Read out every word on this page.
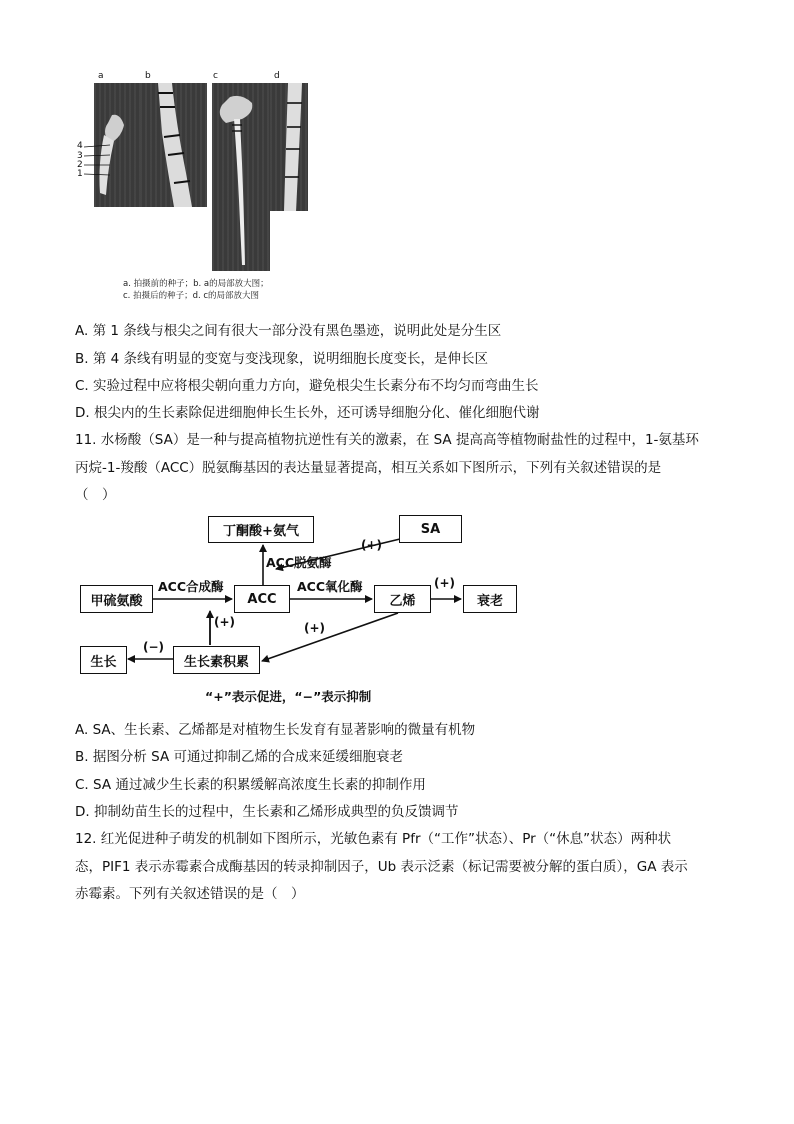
a	b	c	d
4
3
2
1
a. 拍摄前的种子；b. a的局部放大图；
c. 拍摄后的种子；d. c的局部放大图
A. 第 1 条线与根尖之间有很大一部分没有黑色墨迹，说明此处是分生区
B. 第 4 条线有明显的变宽与变浅现象，说明细胞长度变长，是伸长区
C. 实验过程中应将根尖朝向重力方向，避免根尖生长素分布不均匀而弯曲生长
D. 根尖内的生长素除促进细胞伸长生长外，还可诱导细胞分化、催化细胞代谢
11. 水杨酸（SA）是一种与提高植物抗逆性有关的激素，在 SA 提高高等植物耐盐性的过程中，1-氨基环
丙烷-1-羧酸（ACC）脱氨酶基因的表达量显著提高，相互关系如下图所示，下列有关叙述错误的是
（　）
丁酮酸+氨气	SA
甲硫氨酸	ACC	乙烯	衰老
生长	生长素积累
ACC脱氨酶
ACC合成酶	ACC氧化酶
(+)
(+)
(+)
(+)
(−)
“+”表示促进，“−”表示抑制
A. SA、生长素、乙烯都是对植物生长发育有显著影响的微量有机物
B. 据图分析 SA 可通过抑制乙烯的合成来延缓细胞衰老
C. SA 通过减少生长素的积累缓解高浓度生长素的抑制作用
D. 抑制幼苗生长的过程中，生长素和乙烯形成典型的负反馈调节
12. 红光促进种子萌发的机制如下图所示，光敏色素有 Pfr（“工作”状态）、Pr（“休息”状态）两种状
态，PIF1 表示赤霉素合成酶基因的转录抑制因子，Ub 表示泛素（标记需要被分解的蛋白质），GA 表示
赤霉素。下列有关叙述错误的是（　）
